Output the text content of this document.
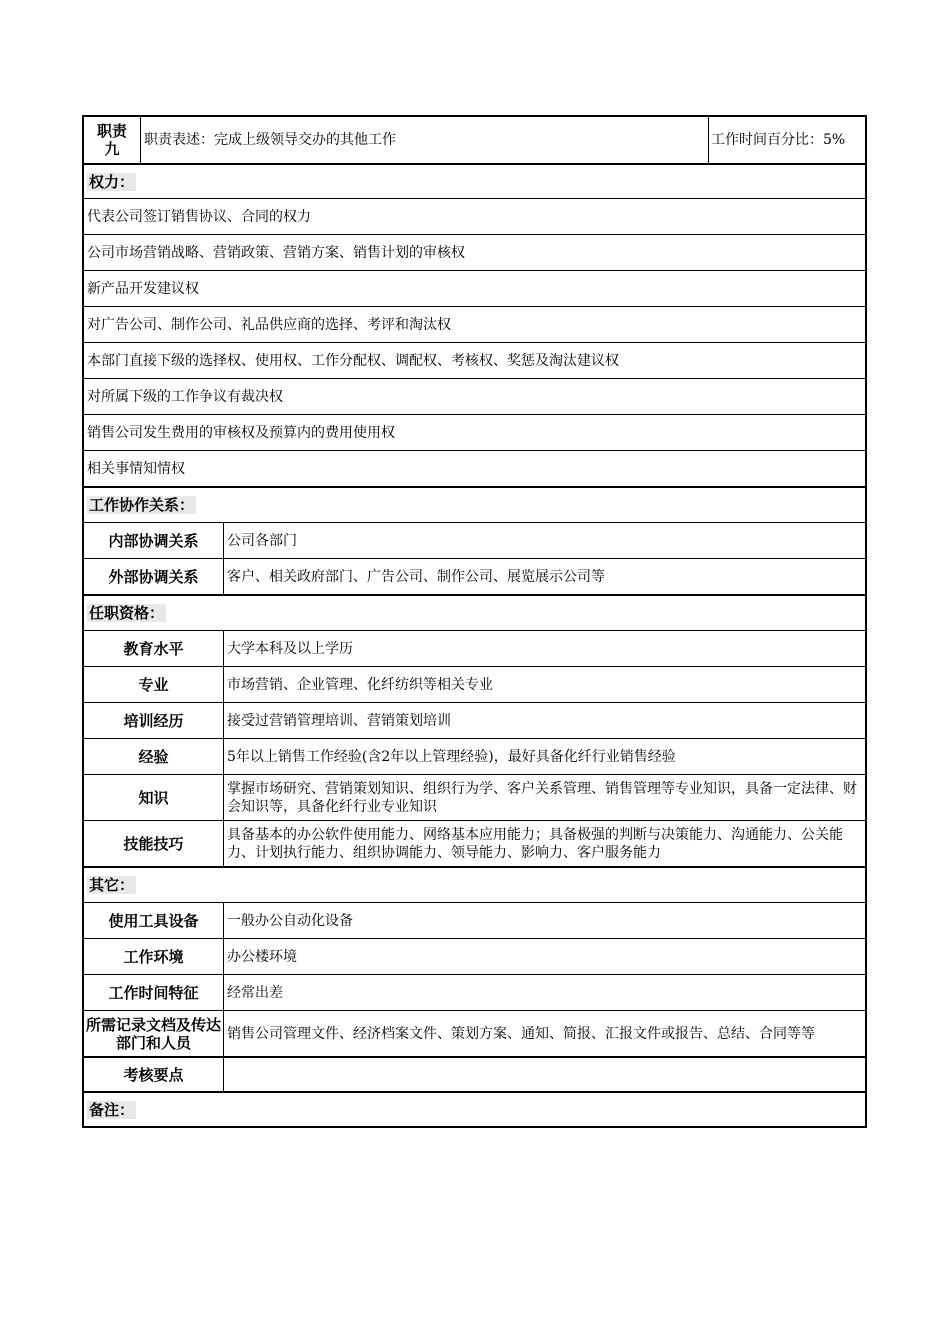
职责九	职责表述：完成上级领导交办的其他工作	工作时间百分比：5%
权力：
代表公司签订销售协议、合同的权力
公司市场营销战略、营销政策、营销方案、销售计划的审核权
新产品开发建议权
对广告公司、制作公司、礼品供应商的选择、考评和淘汰权
本部门直接下级的选择权、使用权、工作分配权、调配权、考核权、奖惩及淘汰建议权
对所属下级的工作争议有裁决权
销售公司发生费用的审核权及预算内的费用使用权
相关事情知情权
工作协作关系：
内部协调关系	公司各部门
外部协调关系	客户、相关政府部门、广告公司、制作公司、展览展示公司等
任职资格：
教育水平	大学本科及以上学历
专业	市场营销、企业管理、化纤纺织等相关专业
培训经历	接受过营销管理培训、营销策划培训
经验	5年以上销售工作经验(含2年以上管理经验)，最好具备化纤行业销售经验
知识	掌握市场研究、营销策划知识、组织行为学、客户关系管理、销售管理等专业知识，具备一定法律、财会知识等，具备化纤行业专业知识
技能技巧	具备基本的办公软件使用能力、网络基本应用能力；具备极强的判断与决策能力、沟通能力、公关能力、计划执行能力、组织协调能力、领导能力、影响力、客户服务能力
其它：
使用工具设备	一般办公自动化设备
工作环境	办公楼环境
工作时间特征	经常出差
所需记录文档及传达部门和人员	销售公司管理文件、经济档案文件、策划方案、通知、简报、汇报文件或报告、总结、合同等等
考核要点
备注：
